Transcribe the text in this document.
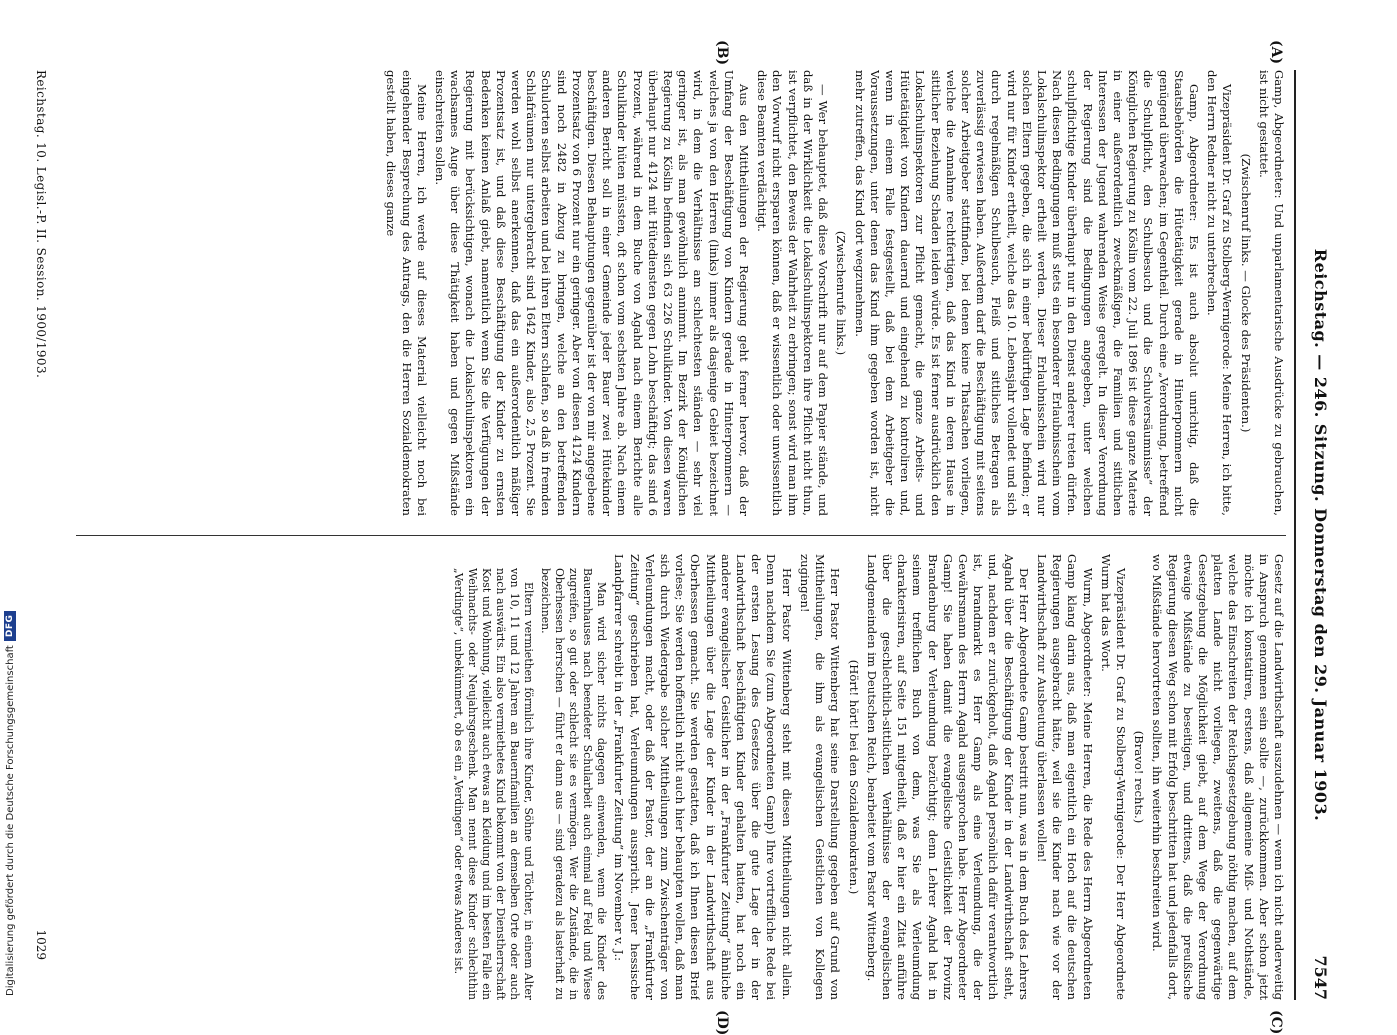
Reichstag. — 246. Sitzung. Donnerstag den 29. Januar 1903.
7547
(A)
(B)
(C)
(D)

Gamp, Abgeordneter: Und unparlamentarische Ausdrücke zu gebrauchen, ist nicht gestattet.

(Zwischenruf links. — Glocke des Präsidenten.)

Vizepräsident Dr. Graf zu Stolberg-Wernigerode: Meine Herren, ich bitte, den Herrn Redner nicht zu unterbrechen.

Gamp, Abgeordneter: Es ist auch absolut unrichtig, daß die Staatsbehörden die Hütetätigkeit gerade in Hinterpommern nicht genügend überwachen; im Gegentheil. Durch eine „Verordnung, betreffend die Schulpflicht, den Schulbesuch und die Schulversäumnisse“ der Königlichen Regierung zu Köslin vom 22. Juli 1896 ist diese ganze Materie in einer außerordentlich zweckmäßigen, die Familien und sittlichen Interessen der Jugend wahrenden Weise geregelt. In dieser Verordnung der Regierung sind die Bedingungen angegeben, unter welchen schulpflichtige Kinder überhaupt nur in den Dienst anderer treten dürfen. Nach diesen Bedingungen muß stets ein besonderer Erlaubnisschein vom Lokalschulinspektor ertheilt werden. Dieser Erlaubnisschein wird nur solchen Eltern gegeben, die sich in einer bedürftigen Lage befinden; er wird nur für Kinder ertheilt, welche das 10. Lebensjahr vollendet und sich durch regelmäßigen Schulbesuch, Fleiß und sittliches Betragen als zuverlässig erwiesen haben. Außerdem darf die Beschäftigung mit seitens solcher Arbeitgeber stattfinden, bei denen keine Thatsachen vorliegen, welche die Annahme rechtfertigen, daß das Kind in deren Hause in sittlicher Beziehung Schaden leiden würde. Es ist ferner ausdrücklich den Lokalschulinspektoren zur Pflicht gemacht, die ganze Arbeits- und Hütetätigkeit von Kindern dauernd und eingehend zu kontroliren und, wenn in einem Falle festgestellt, daß bei dem Arbeitgeber die Voraussetzungen, unter denen das Kind ihm gegeben worden ist, nicht mehr zutreffen, das Kind dort wegzunehmen.

(Zwischenrufe links.)

— Wer behauptet, daß diese Vorschrift nur auf dem Papier stände, und daß in der Wirklichkeit die Lokalschulinspektoren ihre Pflicht nicht thun, ist verpflichtet, den Beweis der Wahrheit zu erbringen; sonst wird man ihm den Vorwurf nicht ersparen können, daß er wissentlich oder unwissentlich diese Beamten verdächtigt.

Aus den Mittheilungen der Regierung geht ferner hervor, daß der Umfang der Beschäftigung von Kindern gerade in Hinterpommern — welches ja von den Herren (links) immer als dasjenige Gebiet bezeichnet wird, in dem die Verhältnisse am schlechtesten ständen — sehr viel geringer ist, als man gewöhnlich annimmt. Im Bezirk der Königlichen Regierung zu Köslin befinden sich 63 226 Schulkinder. Von diesen waren überhaupt nur 4124 mit Hütediensten gegen Lohn beschäftigt; das sind 6 Prozent, während in dem Buche von Agahd nach einem Berichte alle Schulkinder hüten müssten, oft schon vom sechsten Jahre ab. Nach einem anderen Bericht soll in einer Gemeinde jeder Bauer zwei Hütekinder beschäftigen. Diesen Behauptungen gegenüber ist der von mir angegebene Prozentsatz von 6 Prozent nur ein geringer. Aber von diesen 4124 Kindern sind noch 2482 in Abzug zu bringen, welche an den betreffenden Schulorten selbst arbeiten und bei ihren Eltern schlafen, so daß in fremden Schlafräumen nur untergebracht sind 1642 Kinder, also 2,5 Prozent. Sie werden wohl selbst anerkennen, daß das ein außerordentlich mäßiger Prozentsatz ist, und daß diese Beschäftigung der Kinder zu ernsten Bedenken keinen Anlaß giebt, namentlich wenn Sie die Verfügungen der Regierung mit berücksichtigen, wonach die Lokalschulinspektoren ein wachsames Auge über diese Thätigkeit haben und gegen Mißstände einschreiten sollen.

Meine Herren, ich werde auf dieses Material vielleicht noch bei eingehender Besprechung des Antrags, den die Herren Sozialdemokraten gestellt haben, dieses ganze

Gesetz auf die Landwirthschaft auszudehnen — wenn ich nicht anderweitig in Anspruch genommen sein sollte —, zurückkommen. Aber schon jetzt möchte ich konstatiren, erstens, daß allgemeine Miß- und Nothstände, welche das Einschreiten der Reichsgesetzgebung nöthig machen, auf dem platten Lande nicht vorliegen, zweitens, daß die gegenwärtige Gesetzgebung die Möglichkeit giebt, auf dem Wege der Verordnung etwaige Mißstände zu beseitigen, und drittens, daß die preußische Regierung diesen Weg schon mit Erfolg beschritten hat und jedenfalls dort, wo Mißstände hervortreten sollten, ihn weiterhin beschreiten wird.

(Bravo! rechts.)

Vizepräsident Dr. Graf zu Stolberg-Wernigerode: Der Herr Abgeordnete Wurm hat das Wort.

Wurm, Abgeordneter: Meine Herren, die Rede des Herrn Abgeordneten Gamp klang darin aus, daß man eigentlich ein Hoch auf die deutschen Regierungen ausgebracht hätte, weil sie die Kinder nach wie vor der Landwirthschaft zur Ausbeutung überlassen wollen!

Der Herr Abgeordnete Gamp bestritt nun, was in dem Buch des Lehrers Agahd über die Beschäftigung der Kinder in der Landwirthschaft steht, und, nachdem er zurückgeholt, daß Agahd persönlich dafür verantwortlich ist, brandmarkt es Herr Gamp als eine Verleumdung, die der Gewährsmann des Herrn Agahd ausgesprochen habe. Herr Abgeordneter Gamp! Sie haben damit die evangelische Geistlichkeit der Provinz Brandenburg der Verleumdung bezüchtigt; denn Lehrer Agahd hat in seinem trefflichen Buch von dem, was Sie als Verleumdung charakterisiren, auf Seite 151 mitgetheilt, daß er hier ein Zitat anführe über die geschlechtlich-sittlichen Verhältnisse der evangelischen Landgemeinden im Deutschen Reich, bearbeitet vom Pastor Wittenberg.

(Hört! hört! bei den Sozialdemokraten.)

Herr Pastor Wittenberg hat seine Darstellung gegeben auf Grund von Mittheilungen, die ihm als evangelischen Geistlichen von Kollegen zugingen!

Herr Pastor Wittenberg steht mit diesen Mittheilungen nicht allein. Denn nachdem Sie (zum Abgeordneten Gamp) Ihre vortreffliche Rede bei der ersten Lesung des Gesetzes über die gute Lage der in der Landwirthschaft beschäftigten Kinder gehalten hatten, hat noch ein anderer evangelischer Geistlicher in der „Frankfurter Zeitung“ ähnliche Mittheilungen über die Lage der Kinder in der Landwirthschaft aus Oberhessen gemacht. Sie werden gestatten, daß ich Ihnen diesen Brief vorlese; Sie werden hoffentlich nicht auch hier behaupten wollen, daß man sich durch Wiedergabe solcher Mittheilungen zum Zwischenträger von Verleumdungen macht, oder daß der Pastor, der an die „Frankfurter Zeitung“ geschrieben hat, Verleumdungen ausspricht. Jener hessische Landpfarrer schreibt in der „Frankfurter Zeitung“ im November v. J.:

Man wird sicher nichts dagegen einwenden, wenn die Kinder des Bauernhauses nach beendeter Schularbeit auch einmal auf Feld und Wiese zugreifen, so gut oder schlecht sie es vermögen. Wer die Zustände, die in Oberhessen herrschen — führt er dann aus — sind geradezu als lasterhaft zu bezeichnen.

Eltern vermiethen förmlich ihre Kinder, Söhne und Töchter, in einem Alter von 10, 11 und 12 Jahren an Bauernfamilien an demselben Orte oder auch nach auswärts. Ein also vermiethetes Kind bekommt von der Dienstherrschaft Kost und Wohnung, vielleicht auch etwas an Kleidung und im besten Falle ein Weihnachts- oder Neujahrsgeschenk. Man nennt diese Kinder schlechthin „Verdingte“, unbekümmert, ob es ein „Verdingen“ oder etwas Anderes ist.

Reichstag. 10. Legisl.-P. II. Session. 1900/1903.
1029
Digitalisierung gefördert durch die Deutsche Forschungsgemeinschaft
DFG
